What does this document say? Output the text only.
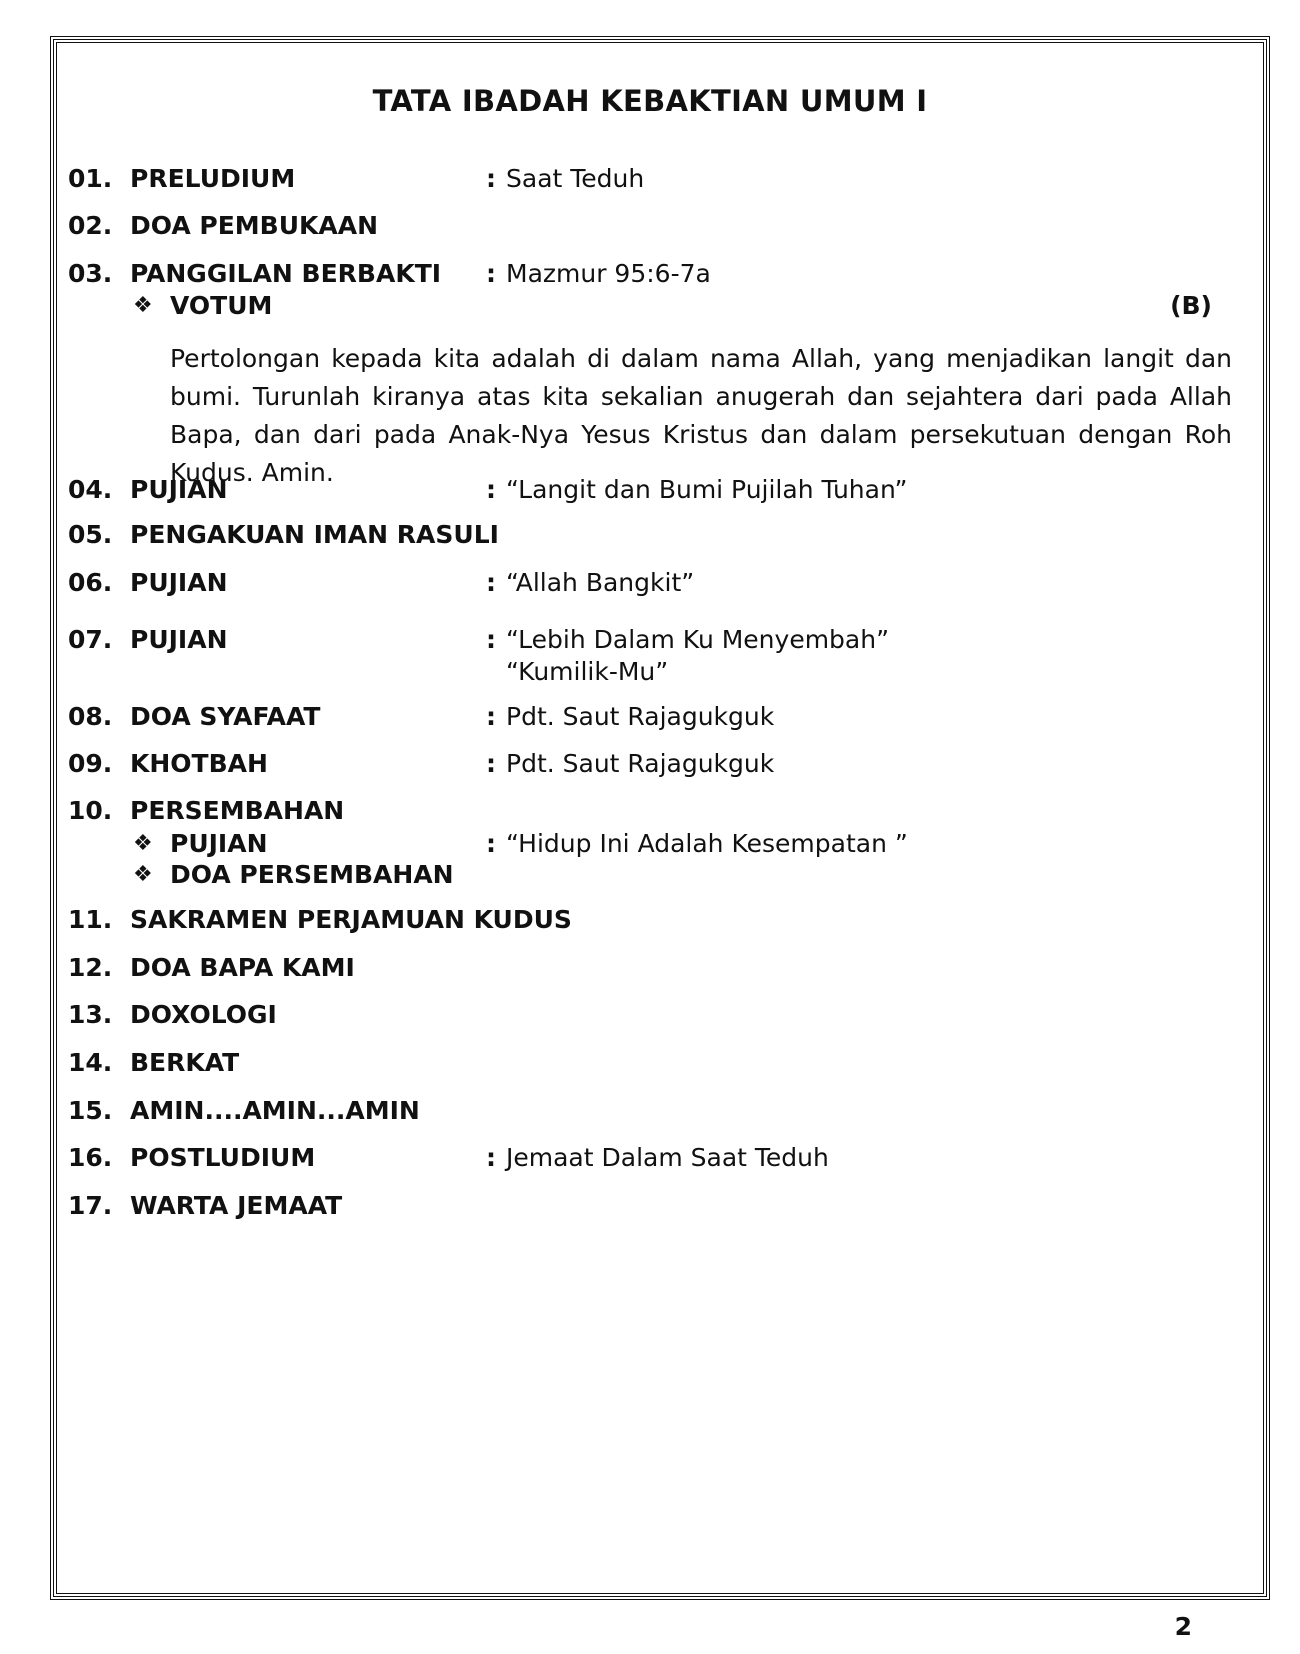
TATA IBADAH KEBAKTIAN UMUM I
01. PRELUDIUM	: Saat Teduh
02. DOA PEMBUKAAN
03. PANGGILAN BERBAKTI : Mazmur 95:6-7a
❖ VOTUM	(B)
Pertolongan kepada kita adalah di dalam nama Allah, yang menjadikan langit dan bumi. Turunlah kiranya atas kita sekalian anugerah dan sejahtera dari pada Allah Bapa, dan dari pada Anak-Nya Yesus Kristus dan dalam persekutuan dengan Roh Kudus. Amin.
04. PUJIAN	: “Langit dan Bumi Pujilah Tuhan”
05. PENGAKUAN IMAN RASULI
06. PUJIAN	: “Allah Bangkit”
07. PUJIAN	: “Lebih Dalam Ku Menyembah”
“Kumilik-Mu”
08. DOA SYAFAAT	: Pdt. Saut Rajagukguk
09. KHOTBAH	: Pdt. Saut Rajagukguk
10. PERSEMBAHAN
❖ PUJIAN	: “Hidup Ini Adalah Kesempatan ”
❖ DOA PERSEMBAHAN
11. SAKRAMEN PERJAMUAN KUDUS
12. DOA BAPA KAMI
13. DOXOLOGI
14. BERKAT
15. AMIN....AMIN...AMIN
16. POSTLUDIUM	: Jemaat Dalam Saat Teduh
17. WARTA JEMAAT
2
